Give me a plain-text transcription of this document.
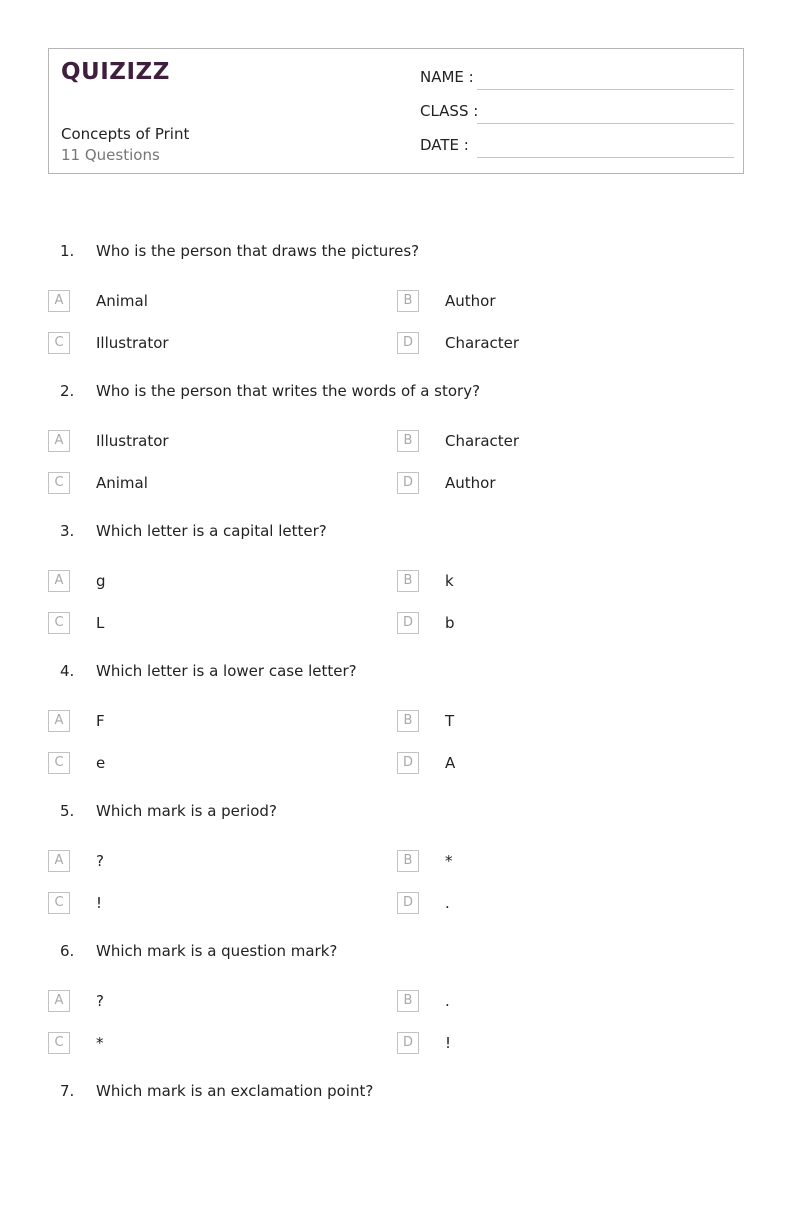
QUIZIZZ
Concepts of Print
11 Questions
NAME :
CLASS :
DATE :
1. Who is the person that draws the pictures?
A	Animal	B	Author
C	Illustrator	D	Character
2. Who is the person that writes the words of a story?
A	Illustrator	B	Character
C	Animal	D	Author
3. Which letter is a capital letter?
A	g	B	k
C	L	D	b
4. Which letter is a lower case letter?
A	F	B	T
C	e	D	A
5. Which mark is a period?
A	?	B	*
C	!	D	.
6. Which mark is a question mark?
A	?	B	.
C	*	D	!
7. Which mark is an exclamation point?
